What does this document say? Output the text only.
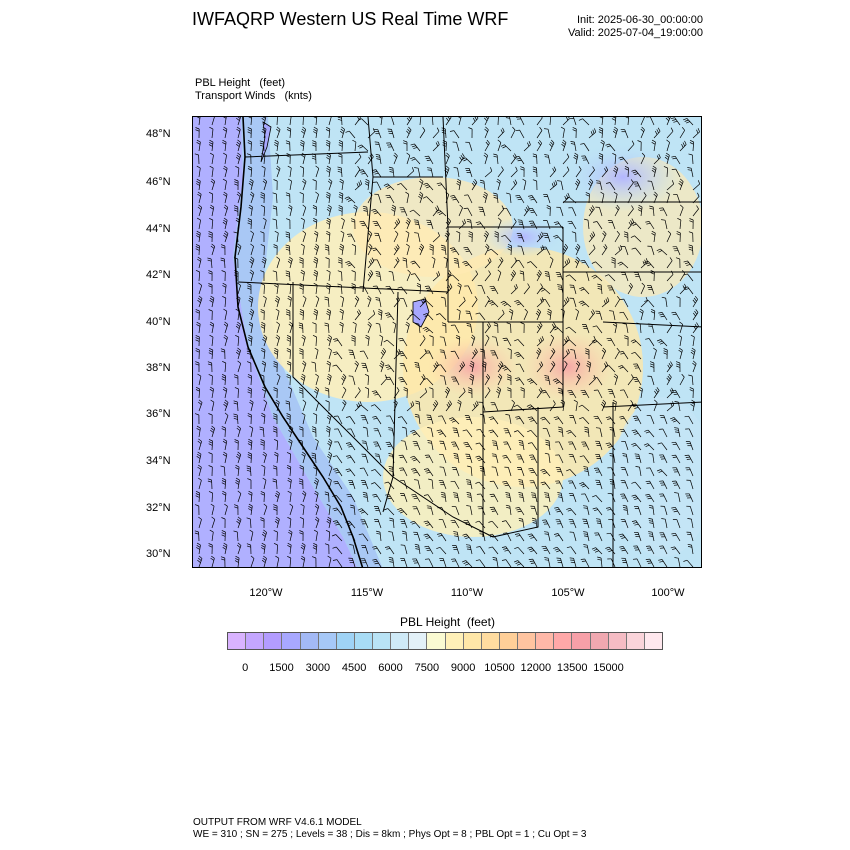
IWFAQRP Western US Real Time WRF	Init: 2025-06-30_00:00:00
Valid: 2025-07-04_19:00:00
PBL Height   (feet)
Transport Winds   (knts)
48°N
46°N
44°N
42°N
40°N
38°N
36°N
34°N
32°N
30°N
120°W	115°W	110°W	105°W	100°W
PBL Height  (feet)
0 1500 3000 4500 6000 7500 9000 10500 12000 13500 15000
OUTPUT FROM WRF V4.6.1 MODEL
WE = 310 ; SN = 275 ; Levels = 38 ; Dis = 8km ; Phys Opt = 8 ; PBL Opt = 1 ; Cu Opt = 3
